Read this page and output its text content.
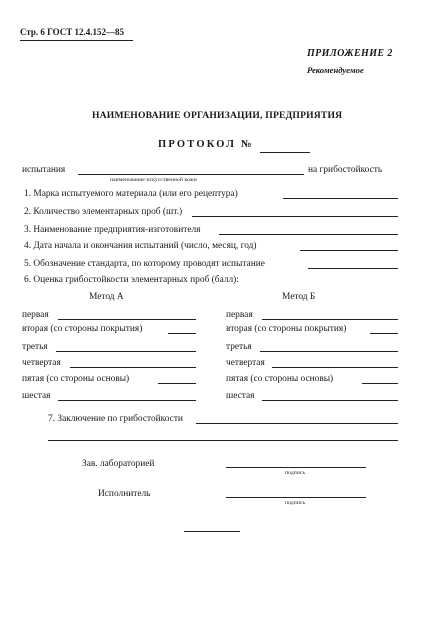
Стр. 6 ГОСТ 12.4.152—85
ПРИЛОЖЕНИЕ 2
Рекомендуемое
НАИМЕНОВАНИЕ ОРГАНИЗАЦИИ, ПРЕДПРИЯТИЯ
ПРОТОКОЛ №
испытания
наименование искусственной кожи
на грибостойкость
1. Марка испытуемого материала (или его рецептура)
2. Количество элементарных проб (шт.)
3. Наименование предприятия-изготовителя
4. Дата начала и окончания испытаний (число, месяц, год)
5. Обозначение стандарта, по которому проводят испытание
6. Оценка грибостойкости элементарных проб (балл):
Метод А	Метод Б
первая
вторая (со стороны покрытия)
третья
четвертая
пятая (со стороны основы)
шестая
первая
вторая (со стороны покрытия)
третья
четвертая
пятая (со стороны основы)
шестая
7. Заключение по грибостойкости
Зав. лабораторией
подпись
Исполнитель
подпись
